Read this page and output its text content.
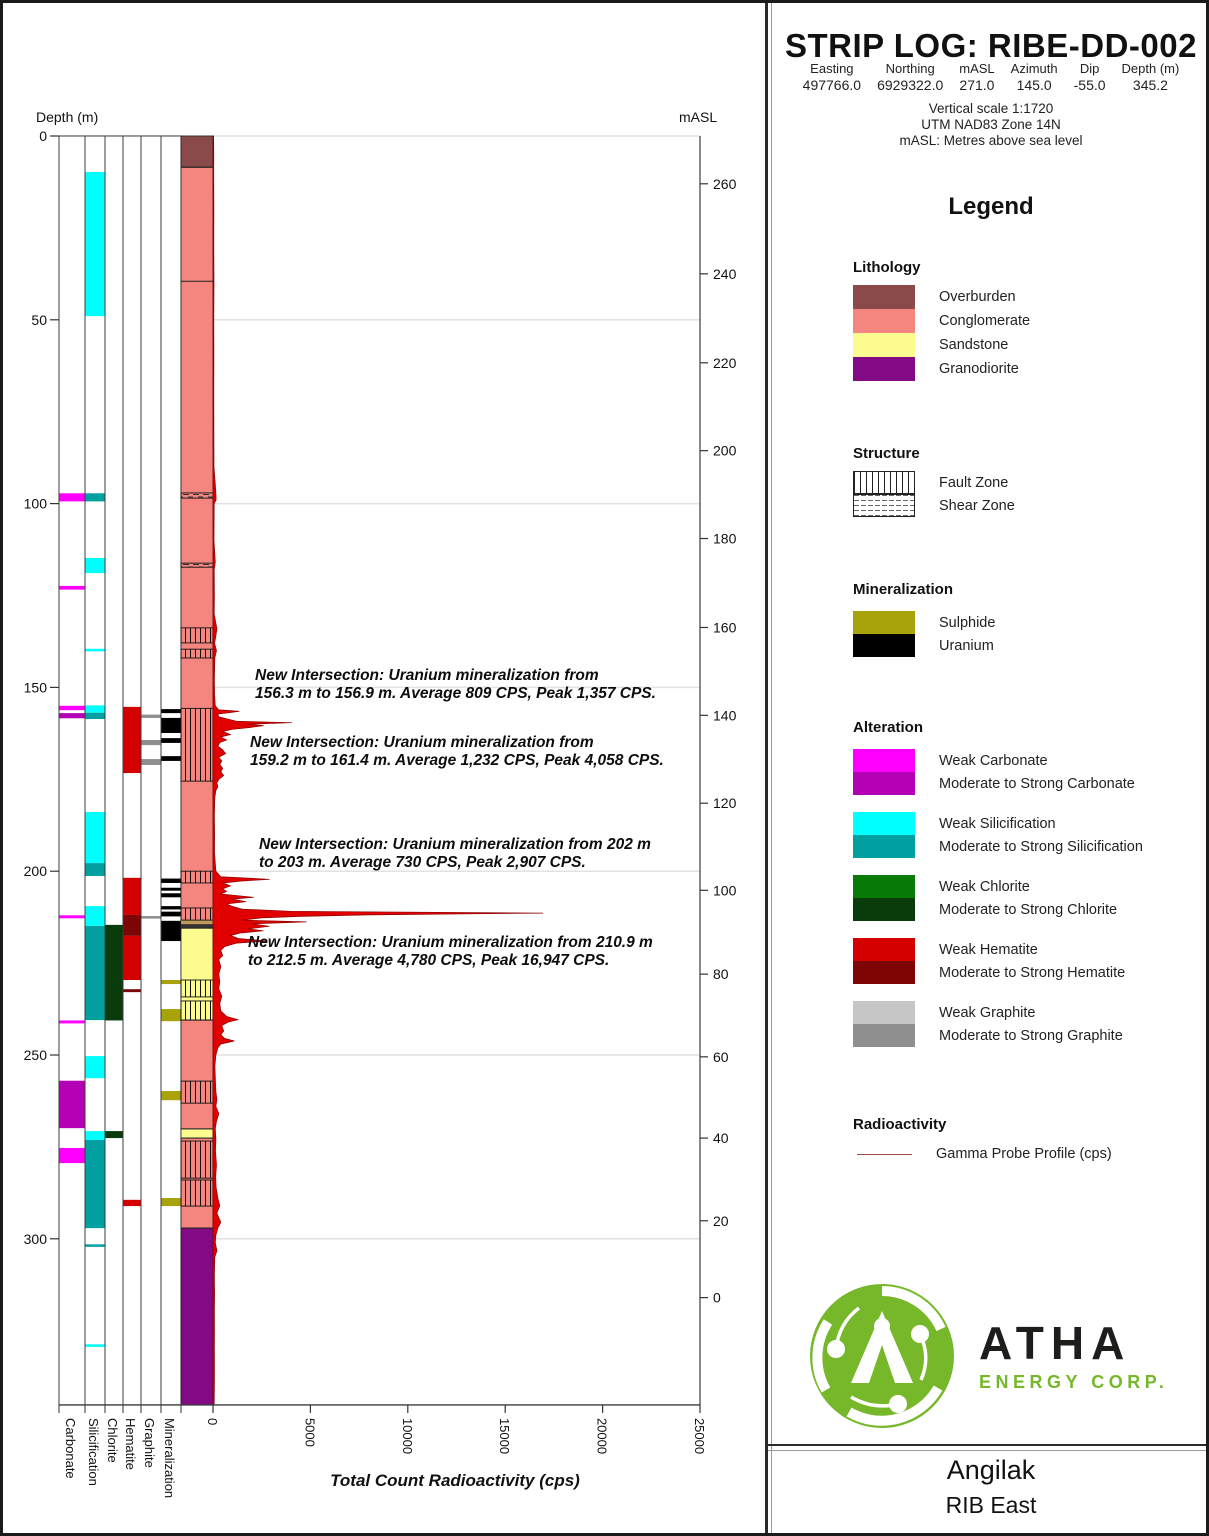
Depth (m)	mASL
0
50
100
150
200
250
300
260
240
220
200
180
160
140
120
100
80
60
40
20
0
0	5000	10000	15000	20000	25000
Carbonate Silicification Chlorite Hematite Graphite Mineralization
New Intersection: Uranium mineralization from
156.3 m to 156.9 m. Average 809 CPS, Peak 1,357 CPS.
New Intersection: Uranium mineralization from
159.2 m to 161.4 m. Average 1,232 CPS, Peak 4,058 CPS.
New Intersection: Uranium mineralization from 202 m
to 203 m. Average 730 CPS, Peak 2,907 CPS.
New Intersection: Uranium mineralization from 210.9 m
to 212.5 m. Average 4,780 CPS, Peak 16,947 CPS.
Total Count Radioactivity (cps)
STRIP LOG: RIBE-DD-002
Easting
497766.0
Northing
6929322.0
mASL
271.0
Azimuth
145.0
Dip
-55.0
Depth (m)
345.2
Vertical scale 1:1720
UTM NAD83 Zone 14N
mASL: Metres above sea level
Legend
Lithology
Overburden
Conglomerate
Sandstone
Granodiorite
Structure
Fault Zone
Shear Zone
Mineralization
Sulphide
Uranium
Alteration
Weak Carbonate
Moderate to Strong Carbonate
Weak Silicification
Moderate to Strong Silicification
Weak Chlorite
Moderate to Strong Chlorite
Weak Hematite
Moderate to Strong Hematite
Weak Graphite
Moderate to Strong Graphite
Radioactivity
Gamma Probe Profile (cps)
ATHA
ENERGY CORP.
Angilak
RIB East
